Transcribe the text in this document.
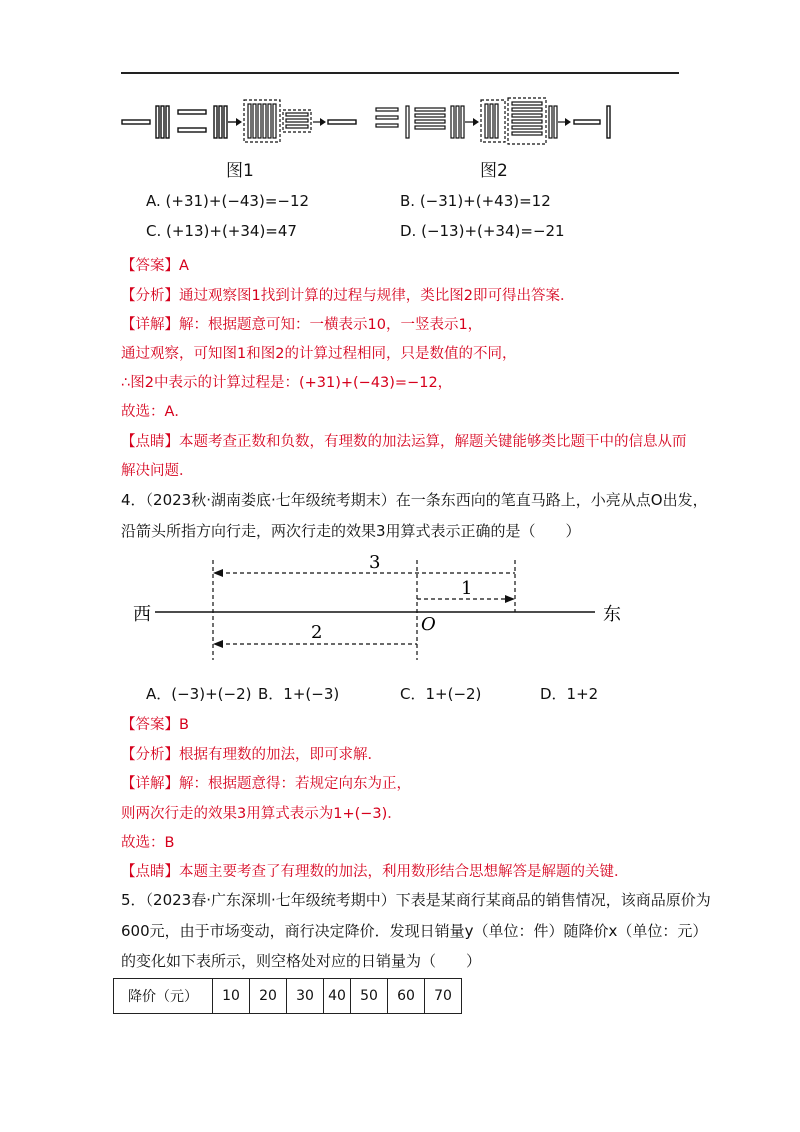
图1	图2
A. (+31)+(−43)=−12	B. (−31)+(+43)=12
C. (+13)+(+34)=47	D. (−13)+(+34)=−21
【答案】A
【分析】通过观察图1找到计算的过程与规律，类比图2即可得出答案．
【详解】解：根据题意可知：一横表示10，一竖表示1，
通过观察，可知图1和图2的计算过程相同，只是数值的不同，
∴图2中表示的计算过程是：(+31)+(−43)=−12，
故选：A．
【点睛】本题考查正数和负数，有理数的加法运算，解题关键能够类比题干中的信息从而
解决问题．
4．（2023秋·湖南娄底·七年级统考期末）在一条东西向的笔直马路上，小亮从点O出发，
沿箭头所指方向行走，两次行走的效果3用算式表示正确的是（　　）
西	东
O
3
1
2
A．(−3)+(−2) B．1+(−3)	C．1+(−2)	D．1+2
【答案】B
【分析】根据有理数的加法，即可求解．
【详解】解：根据题意得：若规定向东为正，
则两次行走的效果3用算式表示为1+(−3)．
故选：B
【点睛】本题主要考查了有理数的加法，利用数形结合思想解答是解题的关键．
5．（2023春·广东深圳·七年级统考期中）下表是某商行某商品的销售情况，该商品原价为
600元，由于市场变动，商行决定降价．发现日销量y（单位：件）随降价x（单位：元）
的变化如下表所示，则空格处对应的日销量为（　　）
降价（元）	10	20	30	40	50	60	70
